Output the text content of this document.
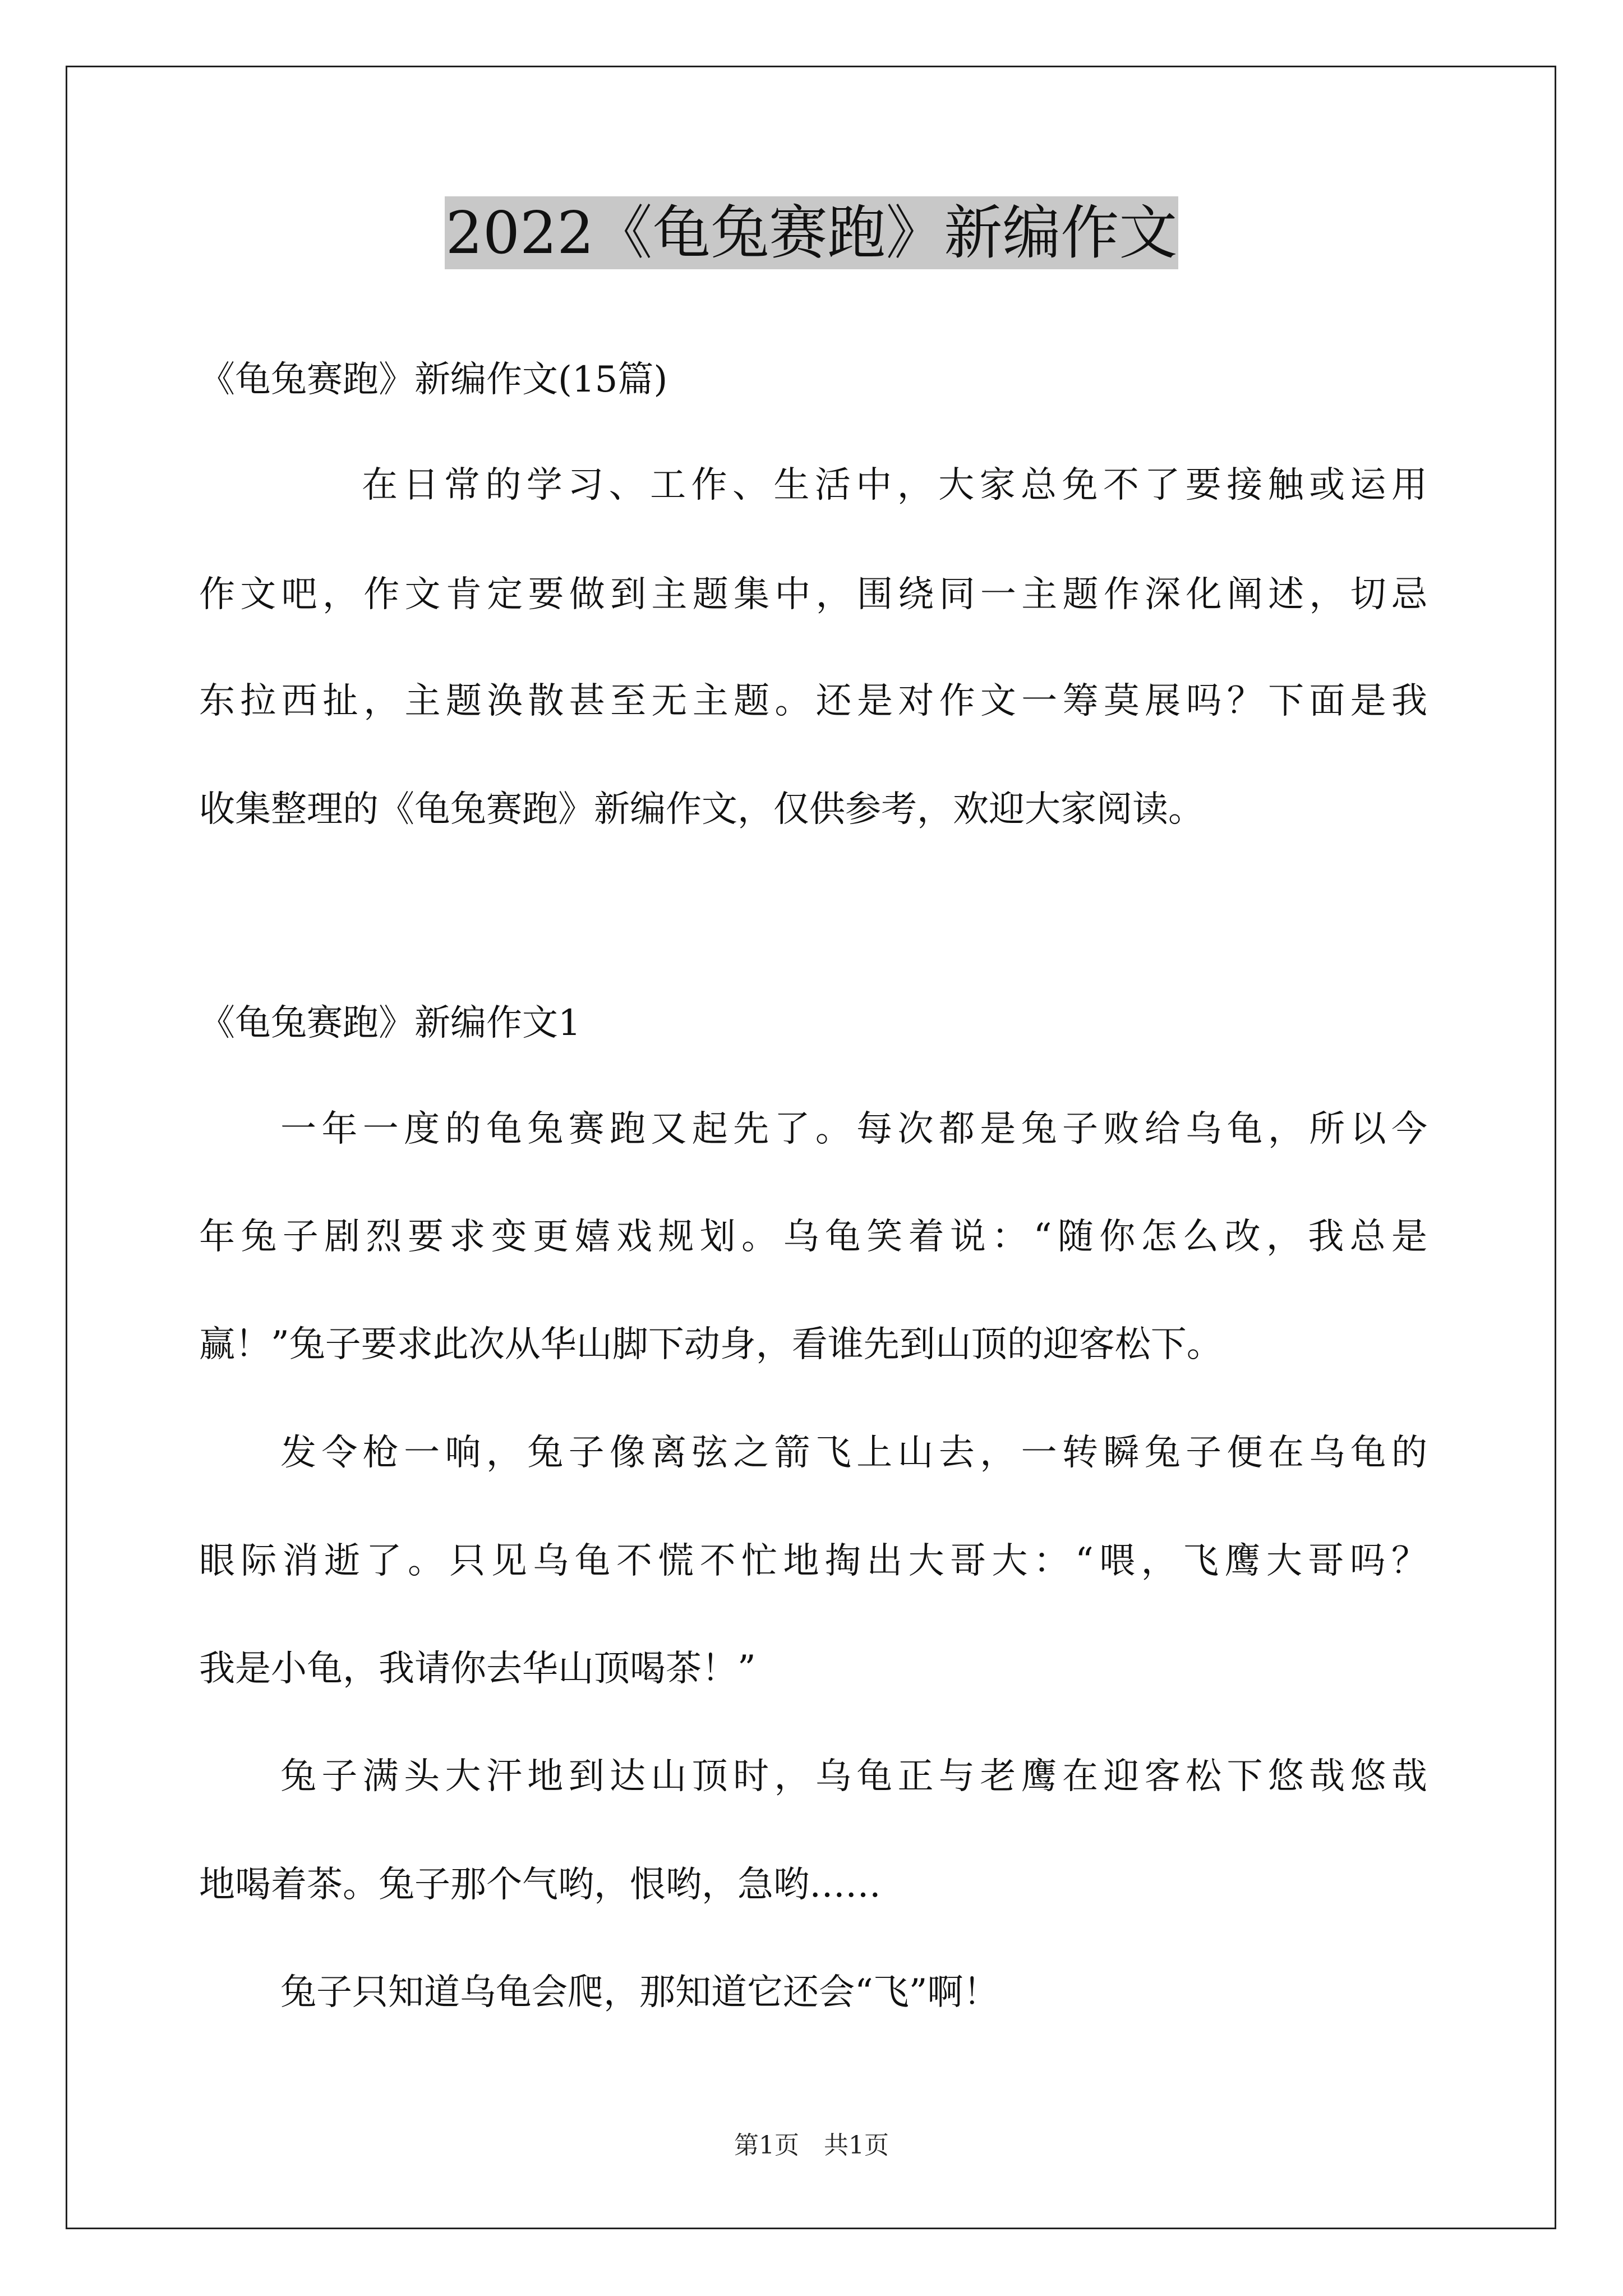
2022《龟兔赛跑》新编作文

《龟兔赛跑》新编作文(15篇)

在日常的学习、工作、生活中，大家总免不了要接触或运用

作文吧，作文肯定要做到主题集中，围绕同一主题作深化阐述，切忌

东拉西扯，主题涣散甚至无主题。还是对作文一筹莫展吗？下面是我

收集整理的《龟兔赛跑》新编作文，仅供参考，欢迎大家阅读。

《龟兔赛跑》新编作文1

一年一度的龟兔赛跑又起先了。每次都是兔子败给乌龟，所以今

年兔子剧烈要求变更嬉戏规划。乌龟笑着说：“随你怎么改，我总是

赢！”兔子要求此次从华山脚下动身，看谁先到山顶的迎客松下。

发令枪一响，兔子像离弦之箭飞上山去，一转瞬兔子便在乌龟的

眼际消逝了。只见乌龟不慌不忙地掏出大哥大：“喂，飞鹰大哥吗？

我是小龟，我请你去华山顶喝茶！”

兔子满头大汗地到达山顶时，乌龟正与老鹰在迎客松下悠哉悠哉

地喝着茶。兔子那个气哟，恨哟，急哟……

兔子只知道乌龟会爬，那知道它还会“飞”啊！

第1页　共1页
